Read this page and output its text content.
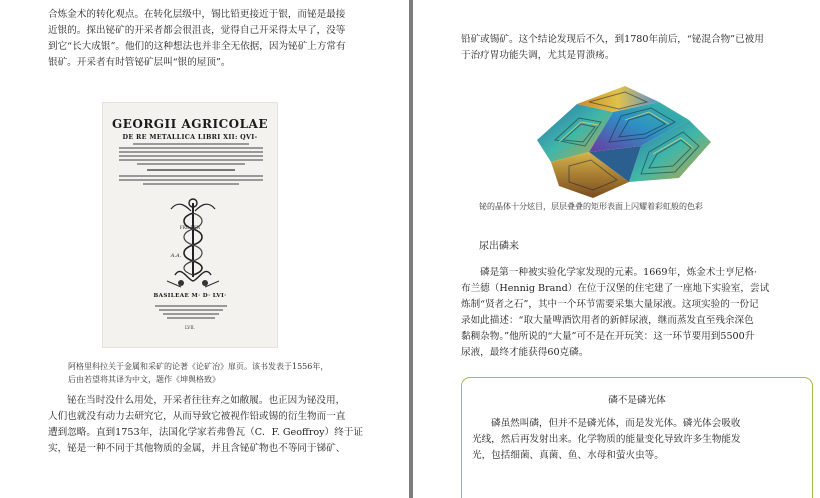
合炼金术的转化观点。在转化层级中，锡比铅更接近于银，而铋是最接
近银的。探出铋矿的开采者都会很沮丧，觉得自己开采得太早了，没等
到它“长大成银”。他们的这种想法也并非全无依据，因为铋矿上方常有
银矿。开采者有时管铋矿层叫“银的屋顶”。
GEORGII AGRICOLAE
DE RE METALLICA LIBRI XII: QVI-
FRO BEN
A.A.
BASILEAE M· D· LVI·
LVII.
阿格里科拉关于金属和采矿的论著《论矿冶》扉页。该书发表于1556年，
后由若望将其译为中文，题作《坤舆格致》
铋在当时没什么用处，开采者往往弃之如敝履。也正因为铋没用，
人们也就没有动力去研究它，从而导致它被视作铅或锡的衍生物而一直
遭到忽略。直到1753年，法国化学家若弗鲁瓦（C．F. Geoffroy）终于证
实，铋是一种不同于其他物质的金属，并且含铋矿物也不等同于锑矿、
铅矿或锡矿。这个结论发现后不久，到1780年前后，“铋混合物”已被用
于治疗胃功能失调，尤其是胃溃疡。
铋的晶体十分炫目，层层叠叠的矩形表面上闪耀着彩虹般的色彩
尿出磷来
磷是第一种被实验化学家发现的元素。1669年，炼金术士亨尼格·
布兰德（Hennig Brand）在位于汉堡的住宅建了一座地下实验室，尝试
炼制“贤者之石”，其中一个环节需要采集大量尿液。这项实验的一份记
录如此描述：“取大量啤酒饮用者的新鲜尿液，继而蒸发直至残余深色
黏稠杂物。”他所说的“大量”可不是在开玩笑：这一环节要用到5500升
尿液，最终才能获得60克磷。
磷不是磷光体
磷虽然叫磷，但并不是磷光体，而是发光体。磷光体会吸收
光线，然后再发射出来。化学物质的能量变化导致许多生物能发
光，包括细菌、真菌、鱼、水母和萤火虫等。
